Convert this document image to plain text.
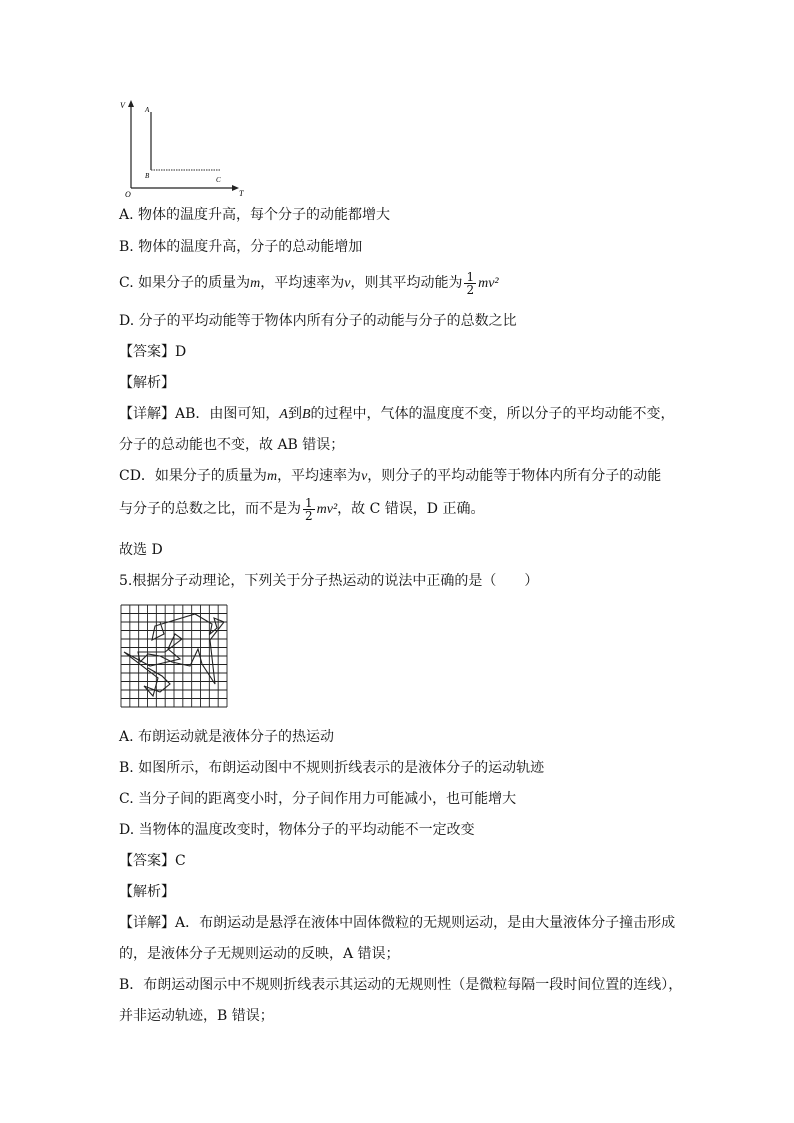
V	A
B	C
O	T
A. 物体的温度升高，每个分子的动能都增大
B. 物体的温度升高，分子的总动能增加
C. 如果分子的质量为m，平均速率为v，则其平均动能为 $\frac{1}{2} mv^2$
D. 分子的平均动能等于物体内所有分子的动能与分子的总数之比
【答案】D
【解析】
【详解】AB．由图可知，A到B的过程中，气体的温度度不变，所以分子的平均动能不变，
分子的总动能也不变，故 AB 错误；
CD．如果分子的质量为m，平均速率为v，则分子的平均动能等于物体内所有分子的动能
与分子的总数之比，而不是为 $\frac{1}{2} mv^2$，故 C 错误，D 正确。
故选 D
5.根据分子动理论，下列关于分子热运动的说法中正确的是（　　）
A. 布朗运动就是液体分子的热运动
B. 如图所示，布朗运动图中不规则折线表示的是液体分子的运动轨迹
C. 当分子间的距离变小时，分子间作用力可能减小，也可能增大
D. 当物体的温度改变时，物体分子的平均动能不一定改变
【答案】C
【解析】
【详解】A．布朗运动是悬浮在液体中固体微粒的无规则运动，是由大量液体分子撞击形成
的，是液体分子无规则运动的反映，A 错误；
B．布朗运动图示中不规则折线表示其运动的无规则性（是微粒每隔一段时间位置的连线），
并非运动轨迹，B 错误；
